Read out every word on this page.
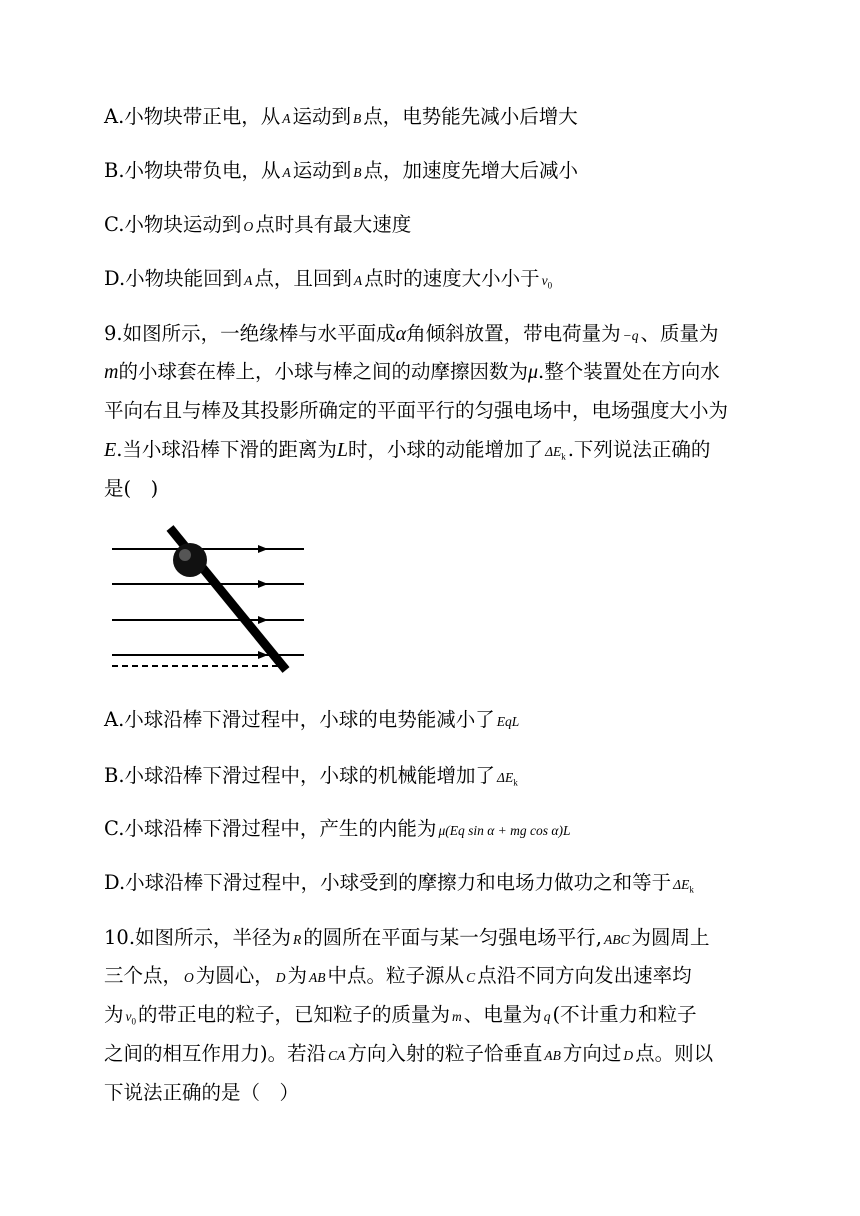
A.小物块带正电，从 A 运动到 B 点，电势能先减小后增大
B.小物块带负电，从 A 运动到 B 点，加速度先增大后减小
C.小物块运动到 O 点时具有最大速度
D.小物块能回到 A 点，且回到 A 点时的速度大小小于 $v_0$
9.如图所示，一绝缘棒与水平面成α角倾斜放置，带电荷量为 −q 、质量为
m的小球套在棒上，小球与棒之间的动摩擦因数为μ.整个装置处在方向水
平向右且与棒及其投影所确定的平面平行的匀强电场中，电场强度大小为
E.当小球沿棒下滑的距离为L时，小球的动能增加了 $\Delta E_k$ .下列说法正确的
是(　)
A.小球沿棒下滑过程中，小球的电势能减小了 EqL
B.小球沿棒下滑过程中，小球的机械能增加了 $\Delta E_k$
C.小球沿棒下滑过程中，产生的内能为 μ(Eq sin α + mg cos α)L
D.小球沿棒下滑过程中，小球受到的摩擦力和电场力做功之和等于 $\Delta E_k$
10.如图所示，半径为 R 的圆所在平面与某一匀强电场平行, ABC 为圆周上
三个点， O 为圆心， D 为 AB 中点。粒子源从 C 点沿不同方向发出速率均
为 $v_0$ 的带正电的粒子，已知粒子的质量为 m 、电量为 q (不计重力和粒子
之间的相互作用力)。若沿 CA 方向入射的粒子恰垂直 AB 方向过 D 点。则以
下说法正确的是（　）
